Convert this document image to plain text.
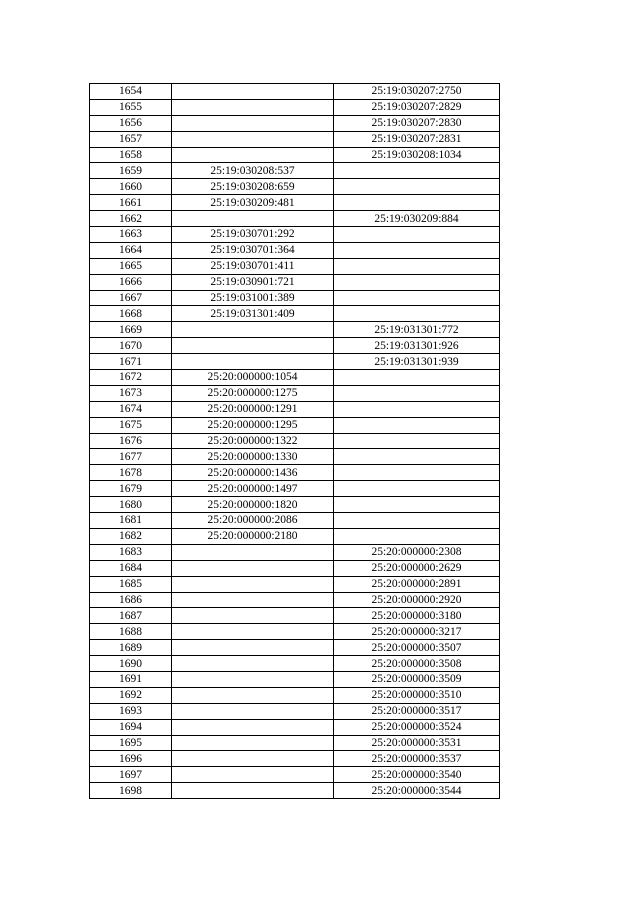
1654		25:19:030207:2750
1655		25:19:030207:2829
1656		25:19:030207:2830
1657		25:19:030207:2831
1658		25:19:030208:1034
1659	25:19:030208:537	
1660	25:19:030208:659	
1661	25:19:030209:481	
1662		25:19:030209:884
1663	25:19:030701:292	
1664	25:19:030701:364	
1665	25:19:030701:411	
1666	25:19:030901:721	
1667	25:19:031001:389	
1668	25:19:031301:409	
1669		25:19:031301:772
1670		25:19:031301:926
1671		25:19:031301:939
1672	25:20:000000:1054	
1673	25:20:000000:1275	
1674	25:20:000000:1291	
1675	25:20:000000:1295	
1676	25:20:000000:1322	
1677	25:20:000000:1330	
1678	25:20:000000:1436	
1679	25:20:000000:1497	
1680	25:20:000000:1820	
1681	25:20:000000:2086	
1682	25:20:000000:2180	
1683		25:20:000000:2308
1684		25:20:000000:2629
1685		25:20:000000:2891
1686		25:20:000000:2920
1687		25:20:000000:3180
1688		25:20:000000:3217
1689		25:20:000000:3507
1690		25:20:000000:3508
1691		25:20:000000:3509
1692		25:20:000000:3510
1693		25:20:000000:3517
1694		25:20:000000:3524
1695		25:20:000000:3531
1696		25:20:000000:3537
1697		25:20:000000:3540
1698		25:20:000000:3544
